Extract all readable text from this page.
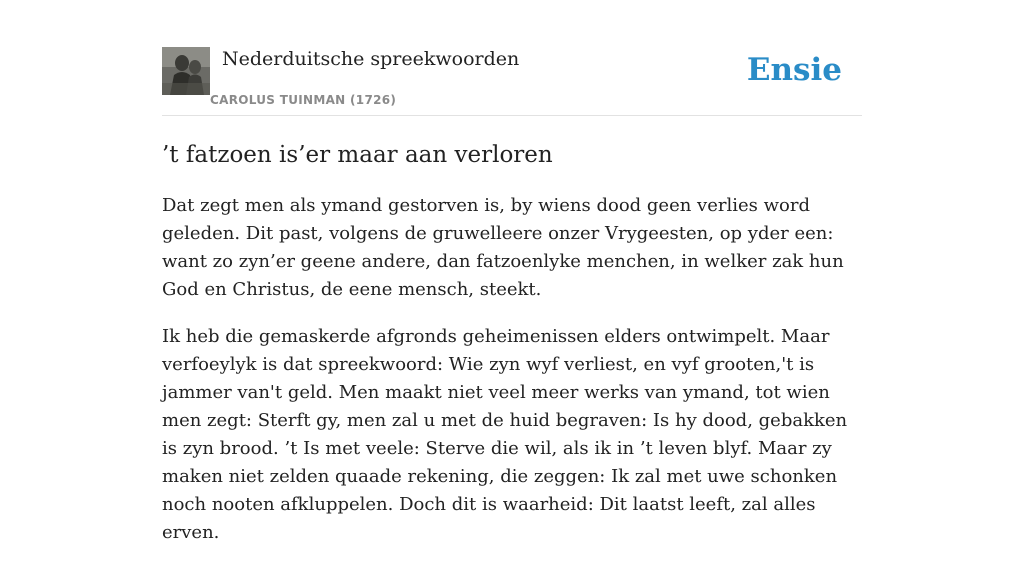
Nederduitsche spreekwoorden
CAROLUS TUINMAN (1726)
Ensie
’t fatzoen is’er maar aan verloren

Dat zegt men als ymand gestorven is, by wiens dood geen verlies word geleden. Dit past, volgens de gruwelleere onzer Vrygeesten, op yder een: want zo zyn’er geene andere, dan fatzoenlyke menchen, in welker zak hun God en Christus, de eene mensch, steekt.

Ik heb die gemaskerde afgronds geheimenissen elders ontwimpelt. Maar verfoeylyk is dat spreekwoord: Wie zyn wyf verliest, en vyf grooten,'t is jammer van't geld. Men maakt niet veel meer werks van ymand, tot wien men zegt: Sterft gy, men zal u met de huid begraven: Is hy dood, gebakken is zyn brood. ’t Is met veele: Sterve die wil, als ik in ’t leven blyf. Maar zy maken niet zelden quaade rekening, die zeggen: Ik zal met uwe schonken noch nooten afkluppelen. Doch dit is waarheid: Dit laatst leeft, zal alles erven.
